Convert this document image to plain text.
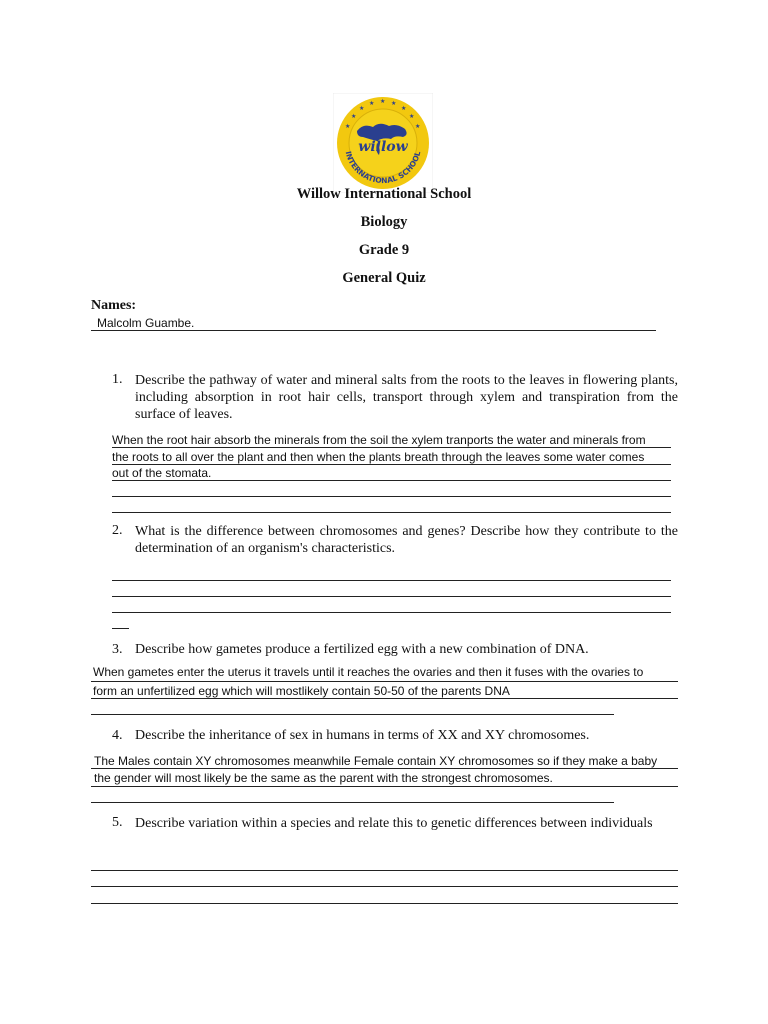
★
★	★
★	★
★	★
★	★
willow
INTERNATIONAL SCHOOL
Willow International School
Biology
Grade 9
General Quiz
Names:
Malcolm Guambe.
1. Describe the pathway of water and mineral salts from the roots to the leaves in flowering plants, including absorption in root hair cells, transport through xylem and transpiration from the surface of leaves.
When the root hair absorb the minerals from the soil the xylem tranports the water and minerals from
the roots to all over the plant and then when the plants breath through the leaves some water comes
out of the stomata.
2. What is the difference between chromosomes and genes? Describe how they contribute to the determination of an organism's characteristics.
3. Describe how gametes produce a fertilized egg with a new combination of DNA.
When gametes enter the uterus it travels until it reaches the ovaries and then it fuses with the ovaries to
form an unfertilized egg which will mostlikely contain 50-50 of the parents DNA
4. Describe the inheritance of sex in humans in terms of XX and XY chromosomes.
The Males contain XY chromosomes meanwhile Female contain XY chromosomes so if they make a baby
the gender will most likely be the same as the parent with the strongest chromosomes.
5. Describe variation within a species and relate this to genetic differences between individuals
